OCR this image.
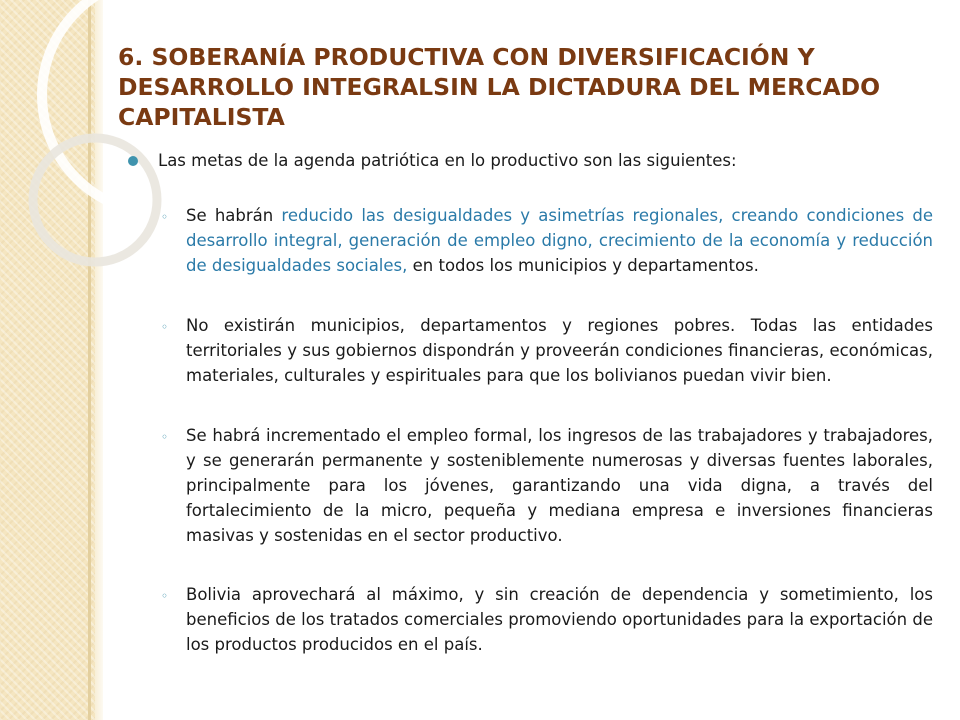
6. SOBERANÍA PRODUCTIVA CON DIVERSIFICACIÓN Y DESARROLLO INTEGRALSIN LA DICTADURA DEL MERCADO CAPITALISTA

Las metas de la agenda patriótica en lo productivo son las siguientes:

◦ Se habrán reducido las desigualdades y asimetrías regionales, creando condiciones de desarrollo integral, generación de empleo digno, crecimiento de la economía y reducción de desigualdades sociales, en todos los municipios y departamentos.

◦ No existirán municipios, departamentos y regiones pobres. Todas las entidades territoriales y sus gobiernos dispondrán y proveerán condiciones financieras, económicas, materiales, culturales y espirituales para que los bolivianos puedan vivir bien.

◦ Se habrá incrementado el empleo formal, los ingresos de las trabajadores y trabajadores, y se generarán permanente y sosteniblemente numerosas y diversas fuentes laborales, principalmente para los jóvenes, garantizando una vida digna, a través del fortalecimiento de la micro, pequeña y mediana empresa e inversiones financieras masivas y sostenidas en el sector productivo.

◦ Bolivia aprovechará al máximo, y sin creación de dependencia y sometimiento, los beneficios de los tratados comerciales promoviendo oportunidades para la exportación de los productos producidos en el país.
